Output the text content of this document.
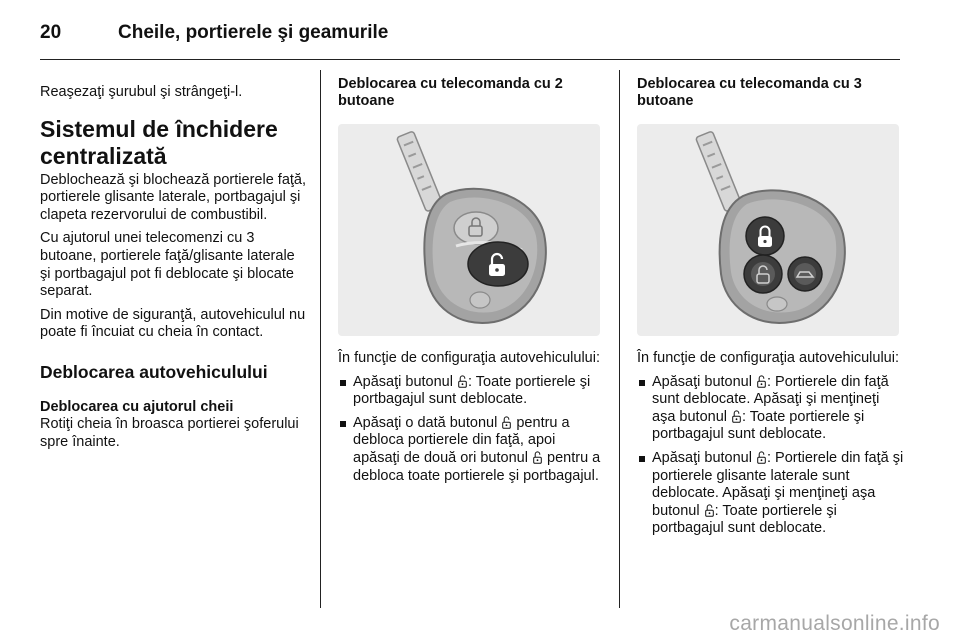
20	Cheile, portierele şi geamurile

Reaşezaţi şurubul şi strângeţi-l.

Sistemul de închidere centralizată

Deblochează şi blochează portierele faţă, portierele glisante laterale, portbagajul şi clapeta rezervorului de combustibil.

Cu ajutorul unei telecomenzi cu 3 butoane, portierele faţă/glisante laterale şi portbagajul pot fi deblocate şi blocate separat.

Din motive de siguranţă, autovehiculul nu poate fi încuiat cu cheia în contact.

Deblocarea autovehiculului
Deblocarea cu ajutorul cheii

Rotiţi cheia în broasca portierei şoferului spre înainte.

Deblocarea cu telecomanda cu 2 butoane

În funcţie de configuraţia autovehiculului:

Apăsaţi butonul : Toate portierele şi portbagajul sunt deblocate.
Apăsaţi o dată butonul  pentru a debloca portierele din faţă, apoi apăsaţi de două ori butonul  pentru a debloca toate portierele şi portbagajul.
Deblocarea cu telecomanda cu 3 butoane

În funcţie de configuraţia autovehiculului:

Apăsaţi butonul : Portierele din faţă sunt deblocate. Apăsaţi şi menţineţi aşa butonul : Toate portierele şi portbagajul sunt deblocate.
Apăsaţi butonul : Portierele din faţă şi portierele glisante laterale sunt deblocate. Apăsaţi şi menţineţi aşa butonul : Toate portierele şi portbagajul sunt deblocate.
carmanualsonline.info
